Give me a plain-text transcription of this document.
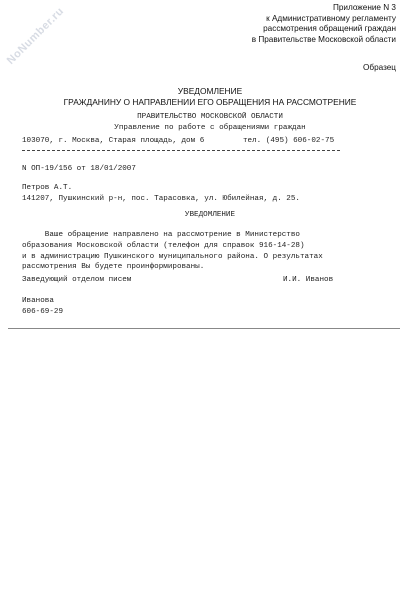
NoNumber.ru	Приложение N 3
к Административному регламенту
рассмотрения обращений граждан
в Правительстве Московской области
Образец
УВЕДОМЛЕНИЕ
ГРАЖДАНИНУ О НАПРАВЛЕНИИ ЕГО ОБРАЩЕНИЯ НА РАССМОТРЕНИЕ
ПРАВИТЕЛЬСТВО МОСКОВСКОЙ ОБЛАСТИ
Управление по работе с обращениями граждан
103070, г. Москва, Старая площадь, дом 6	тел. (495) 606-02-75
N ОП-19/156 от 18/01/2007
Петров А.Т.
141207, Пушкинский р-н, пос. Тарасовка, ул. Юбилейная, д. 25.
УВЕДОМЛЕНИЕ
Ваше обращение направлено на рассмотрение в Министерство
образования Московской области (телефон для справок 916-14-28)
и в администрацию Пушкинского муниципального района. О результатах
рассмотрения Вы будете проинформированы.
Заведующий отделом писем	И.И. Иванов
Иванова
606-69-29
